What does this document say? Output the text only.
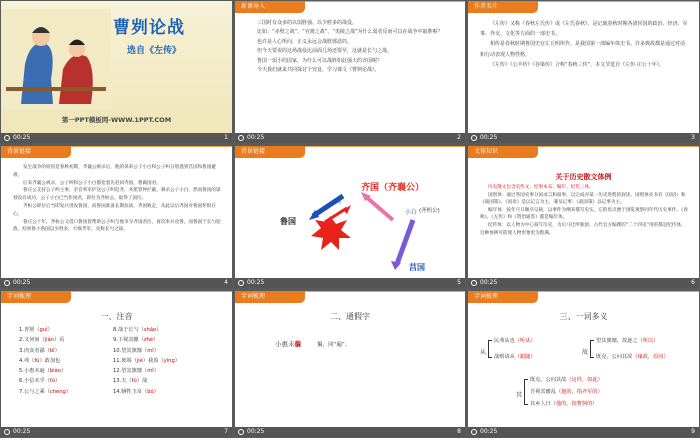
曹刿论战
选自《左传》
第一PPT模板网-WWW.1PPT.COM
00:25	1
新课导入

三国时有众多的以弱胜强、以少胜多的战役，

比如：“赤壁之战”、“官渡之战”、“夷陵之战”为什么弱者反而可以在战争中取胜呢？

也许是人心所向，正义永远会战胜邪恶的。

但今天要说的这场战役比前面几场还要早，这就是长勺之战。

鲁国一弱小的国家，为什么可以战胜如此强大的齐国呢？

今天我们就来共同探讨个究竟，学习课文《曹刿论战》。

00:25	2
作者名片

《左传》又称《春秋左氏传》或《左氏春秋》，是记载春秋时期各诸侯国的政治、经济、军事、外交、文化等方面的一部史书。

相传是春秋时期鲁国史官左丘明所作。是我国第一部编年体史书。许多典故都是通过对话和行动表现人物性格。

《左传》《公羊传》《谷梁传》合称“春秋三传”，本文节选自《左传·庄公十年》。

00:25	3
背景链接

发生战争的原因是春秋初期，齐襄公被杀后，他的弟弟公子小白和公子纠分别逃到莒国和鲁国避难。

后来齐襄公被杀，公子纠和公子小白都抢着先赶回齐国，想做国君。

鲁庄公支持公子纠主事，亲自率军护送公子纠返齐，并派管仲拦截，刺杀公子小白。然而鲁国的谋划没有成功，公子小白已当作国君，即位为齐桓公，取得了国位。

齐桓公即位后当即发兵进攻鲁国，而鲁国准备长期抗战，齐国败走，从此以后齐国对鲁国怀恨在心。

鲁庄公十年，齐桓公又借口鲁国曾帮助公子纠与他争夺齐国君位，再次率兵攻鲁，而鲁国于长勺迎敌，结果鲁小鲁国以少胜多，大败齐军，史称长勺之战。

00:25	4
背景链接
齐国（齐襄公）
鲁国
莒国
小白
纠
(齐桓公)
00:25	5
文体知识
关于历史散文体例

历史散文包含史传文、纪事本末、编年、纪传三体。

国别体：通过各国史事分国录言和叙事，以完成对某一历史进程的叙述。国别体史书有《国语》和《战国策》。《国语》是以记言为主，兼及记事；《战国策》以记事为主。

编年体：按年月日顺序记载，以事件为纲来描写史实。它的优点便于浏览观察同年代历史事件。《春秋》、《左传》和《资治通鉴》都是编年体。

纪传体：以人物为中心叙写历史，为后马迁所独创，古代官方编撰的“二十四史”用的都是纪传体，这种体例可防使人物形象更为饱满。

00:25	6
字词梳理
一、注音
1.青刿（guì）
2.又何间（jiàn）焉
3.肉食者鄙（bǐ）
4.弗（fú）敢加也
5.小惠未遍（biàn）
6.小信未孚（fú）
7.公与之乘（chéng）
8.战于长勺（sháo）
9.下视其辙（zhé）
10.望其旗靡（mǐ）
11.彼竭（jié）我盈（yíng）
12.望其旗靡（mǐ）
13.夫（fú）战
14.牺牲玉帛（bó）
00:25	7
字词梳理
二、通假字
小惠未徧	徧，同“遍”。
00:25	8
字词梳理
三、一词多义
从
民弗从也（听从）
战则请从（跟随）
故
望其旗靡，故逐之（所以）
既克，公问其故（缘故，原因）
其
既克，公问其故（这样，如此）
吾视其辙乱（他的，指齐军的）
其乡人曰（他的，指曹刿的）
00:25	9
